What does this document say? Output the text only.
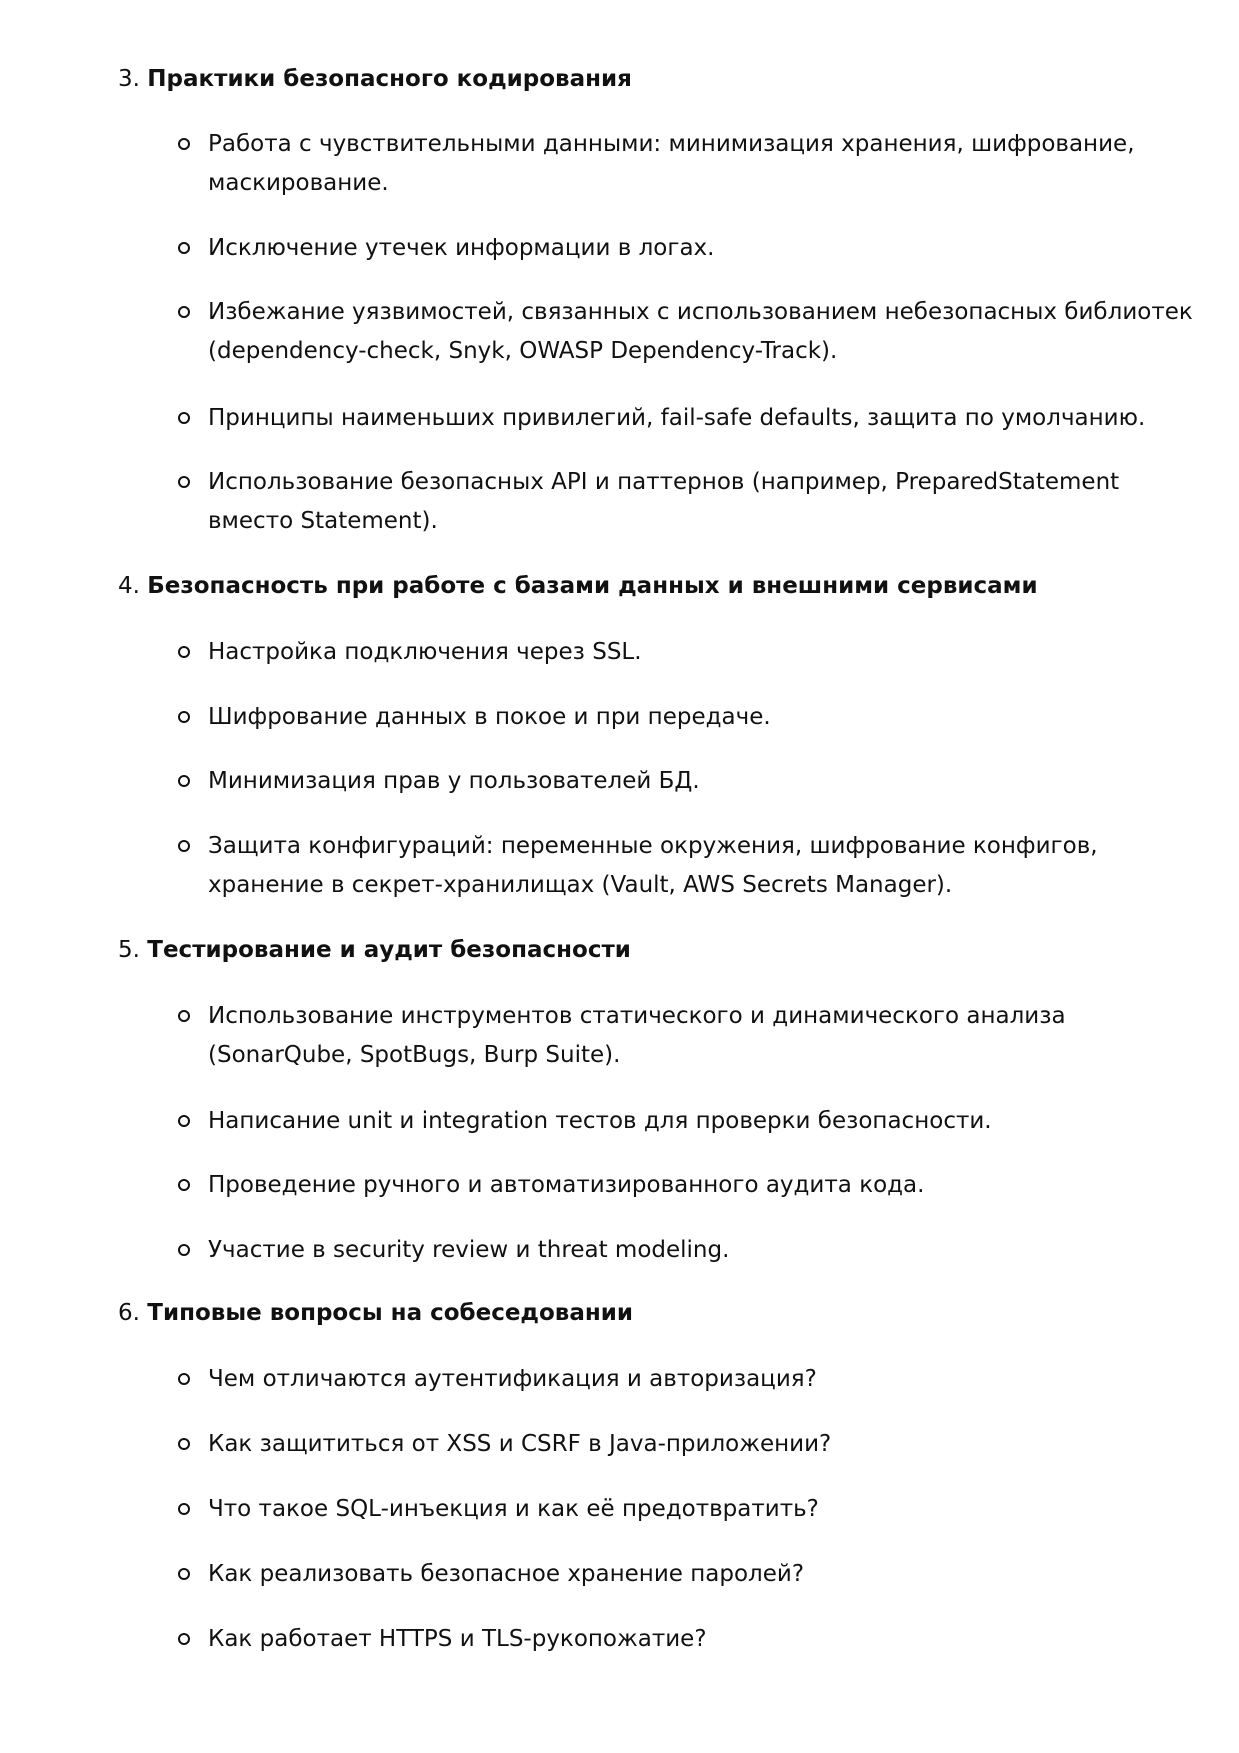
3. Практики безопасного кодирования
Работа с чувствительными данными: минимизация хранения, шифрование,
маскирование.
Исключение утечек информации в логах.
Избежание уязвимостей, связанных с использованием небезопасных библиотек
(dependency-check, Snyk, OWASP Dependency-Track).
Принципы наименьших привилегий, fail-safe defaults, защита по умолчанию.
Использование безопасных API и паттернов (например, PreparedStatement
вместо Statement).
4. Безопасность при работе с базами данных и внешними сервисами
Настройка подключения через SSL.
Шифрование данных в покое и при передаче.
Минимизация прав у пользователей БД.
Защита конфигураций: переменные окружения, шифрование конфигов,
хранение в секрет-хранилищах (Vault, AWS Secrets Manager).
5. Тестирование и аудит безопасности
Использование инструментов статического и динамического анализа
(SonarQube, SpotBugs, Burp Suite).
Написание unit и integration тестов для проверки безопасности.
Проведение ручного и автоматизированного аудита кода.
Участие в security review и threat modeling.
6. Типовые вопросы на собеседовании
Чем отличаются аутентификация и авторизация?
Как защититься от XSS и CSRF в Java-приложении?
Что такое SQL-инъекция и как её предотвратить?
Как реализовать безопасное хранение паролей?
Как работает HTTPS и TLS-рукопожатие?
